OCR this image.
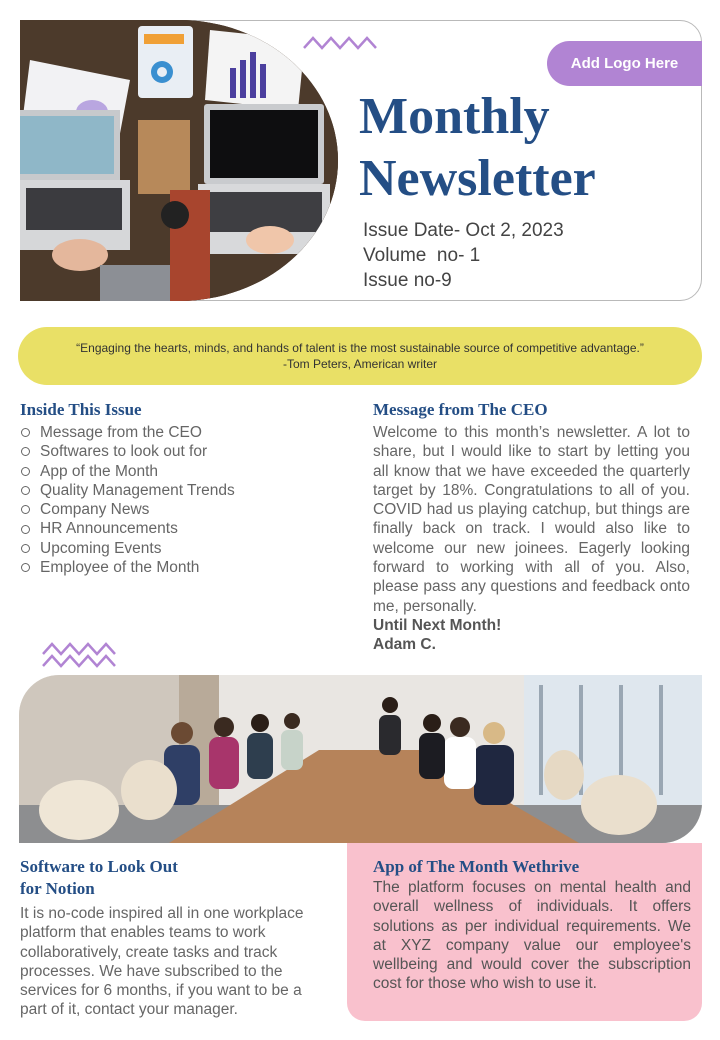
Add Logo Here
Monthly
Newsletter
Issue Date- Oct 2, 2023
Volume  no- 1
Issue no-9
“Engaging the hearts, minds, and hands of talent is the most sustainable source of competitive advantage.”
-Tom Peters, American writer
Inside This Issue
Message from the CEO
Softwares to look out for
App of the Month
Quality Management Trends
Company News
HR Announcements
Upcoming Events
Employee of the Month
Message from The CEO
Welcome to this month’s newsletter. A lot to share, but I would like to start by letting you all know that we have exceeded the quarterly target by 18%. Congratulations to all of you. COVID had us playing catchup, but things are finally back on track. I would also like to welcome our new joinees. Eagerly looking forward to working with all of you. Also, please pass any questions and feedback onto me, personally.
Until Next Month!
Adam C.
Software to Look Out
for Notion
It is no-code inspired all in one workplace platform that enables teams to work collaboratively, create tasks and track processes. We have subscribed to the services for 6 months, if you want to be a part of it, contact your manager.
App of The Month Wethrive
The platform focuses on mental health and overall wellness of individuals. It offers solutions as per individual requirements. We at XYZ company value our employee's wellbeing and would cover the subscription cost for those who wish to use it.
